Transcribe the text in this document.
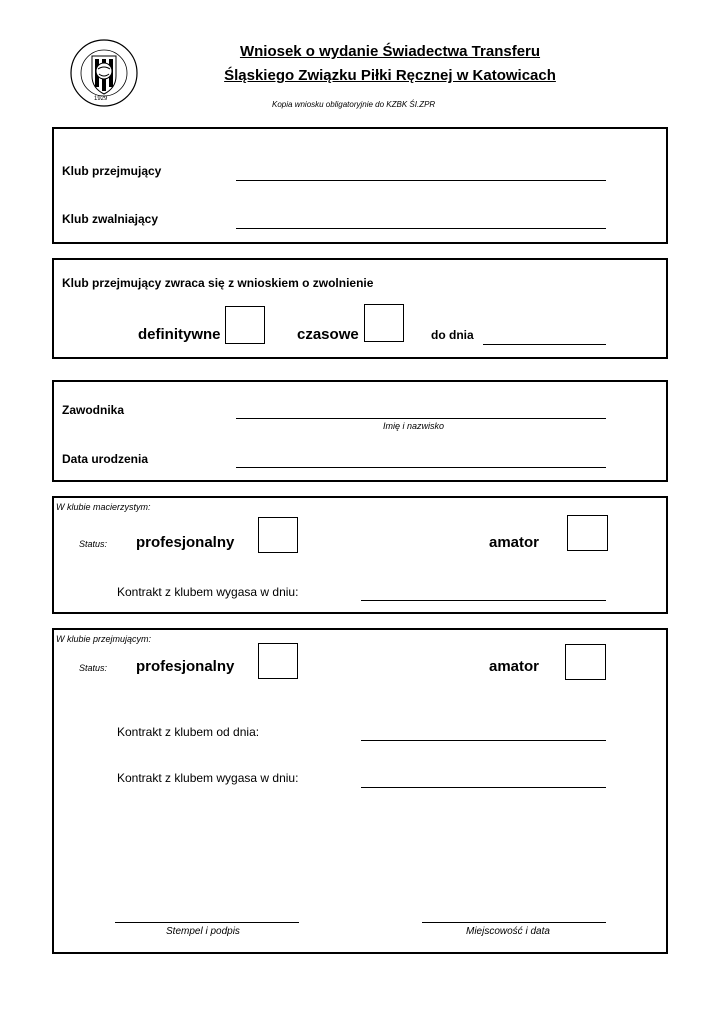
1929
Wniosek o wydanie Świadectwa Transferu
Śląskiego Związku Piłki Ręcznej w Katowicach
Kopia wniosku obligatoryjnie do KZBK ŚI.ZPR
Klub przejmujący
Klub zwalniający
Klub przejmujący zwraca się z wnioskiem o zwolnienie
definitywne	czasowe	do dnia
Zawodnika
Imię i nazwisko
Data urodzenia
W klubie macierzystym:
Status: profesjonalny	amator
Kontrakt z klubem wygasa w dniu:
W klubie przejmującym:
Status: profesjonalny	amator
Kontrakt z klubem od dnia:
Kontrakt z klubem wygasa w dniu:
Stempel i podpis	Miejscowość i data
